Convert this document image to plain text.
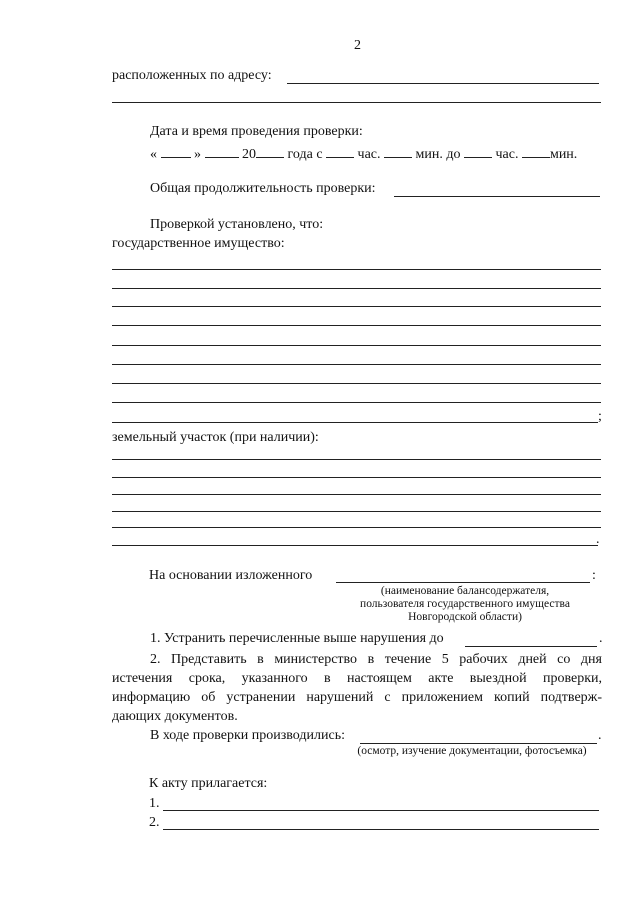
2
расположенных по адресу:
Дата и время проведения проверки:
«	»	20 года с	час.	мин. до	час. мин.
Общая продолжительность проверки:
Проверкой установлено, что:
государственное имущество:
;
земельный участок (при наличии):
.
На основании изложенного	:
(наименование балансодержателя,
пользователя государственного имущества
Новгородской области)
1. Устранить перечисленные выше нарушения до	.
2. Представить в министерство в течение 5 рабочих дней со дня
истечения срока, указанного в настоящем акте выездной проверки,
информацию об устранении нарушений с приложением копий подтверж-
дающих документов.
В ходе проверки производились:	.
(осмотр, изучение документации, фотосъемка)
К акту прилагается:
1.
2.
